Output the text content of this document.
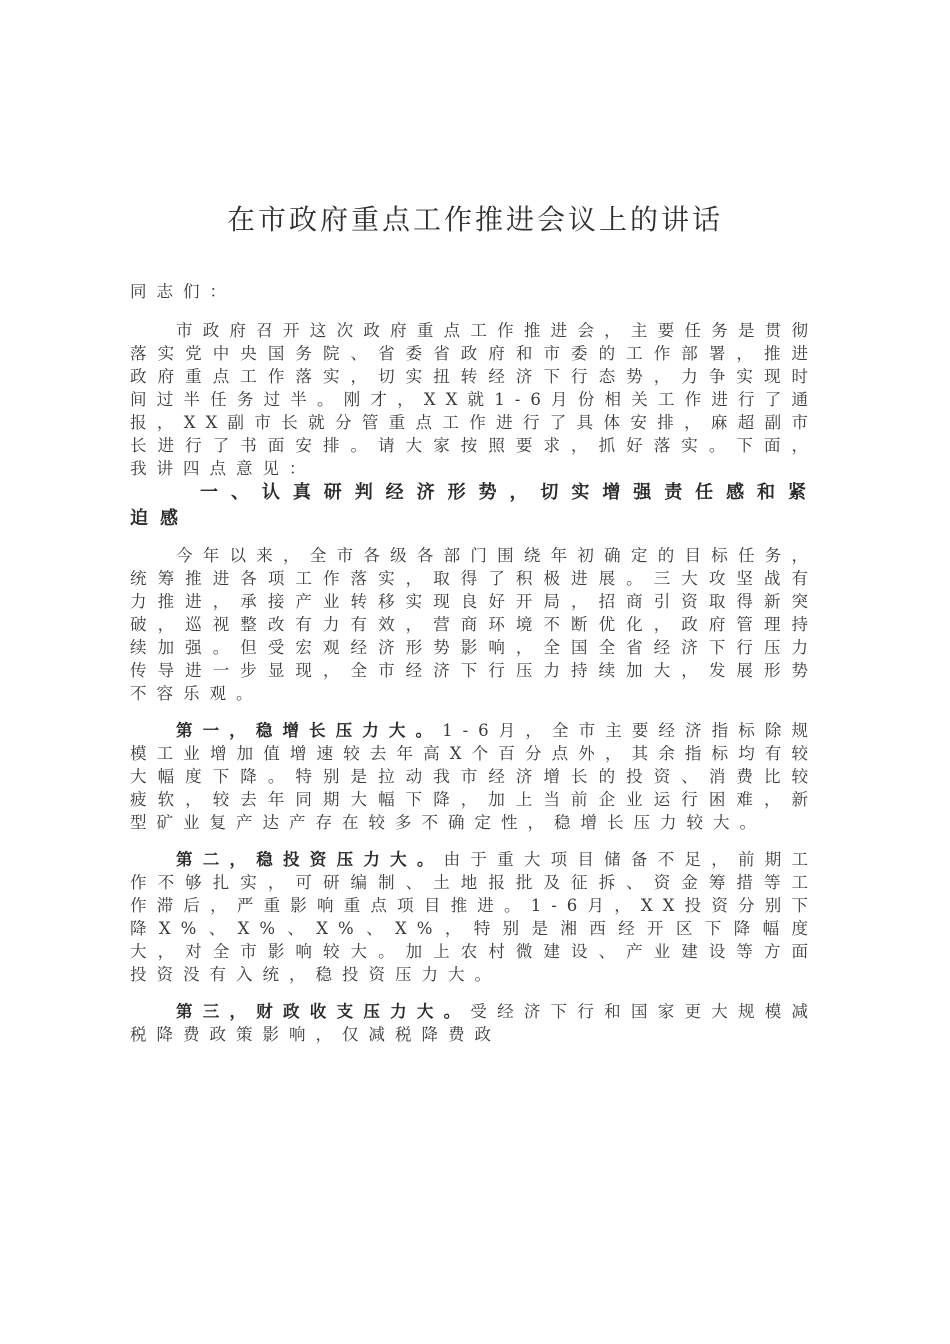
在市政府重点工作推进会议上的讲话

同志们：

市政府召开这次政府重点工作推进会，主要任务是贯彻落实党中央国务院、省委省政府和市委的工作部署，推进政府重点工作落实，切实扭转经济下行态势，力争实现时间过半任务过半。刚才，XX就1-6月份相关工作进行了通报，XX副市长就分管重点工作进行了具体安排，麻超副市长进行了书面安排。请大家按照要求，抓好落实。下面，我讲四点意见：

一、认真研判经济形势，切实增强责任感和紧迫感

今年以来，全市各级各部门围绕年初确定的目标任务，统筹推进各项工作落实，取得了积极进展。三大攻坚战有力推进，承接产业转移实现良好开局，招商引资取得新突破，巡视整改有力有效，营商环境不断优化，政府管理持续加强。但受宏观经济形势影响，全国全省经济下行压力传导进一步显现，全市经济下行压力持续加大，发展形势不容乐观。

第一，稳增长压力大。1-6月，全市主要经济指标除规模工业增加值增速较去年高X个百分点外，其余指标均有较大幅度下降。特别是拉动我市经济增长的投资、消费比较疲软，较去年同期大幅下降，加上当前企业运行困难，新型矿业复产达产存在较多不确定性，稳增长压力较大。

第二，稳投资压力大。由于重大项目储备不足，前期工作不够扎实，可研编制、土地报批及征拆、资金筹措等工作滞后，严重影响重点项目推进。1-6月，XX投资分别下降X%、X%、X%、X%，特别是湘西经开区下降幅度大，对全市影响较大。加上农村微建设、产业建设等方面投资没有入统，稳投资压力大。

第三，财政收支压力大。受经济下行和国家更大规模减税降费政策影响，仅减税降费政
